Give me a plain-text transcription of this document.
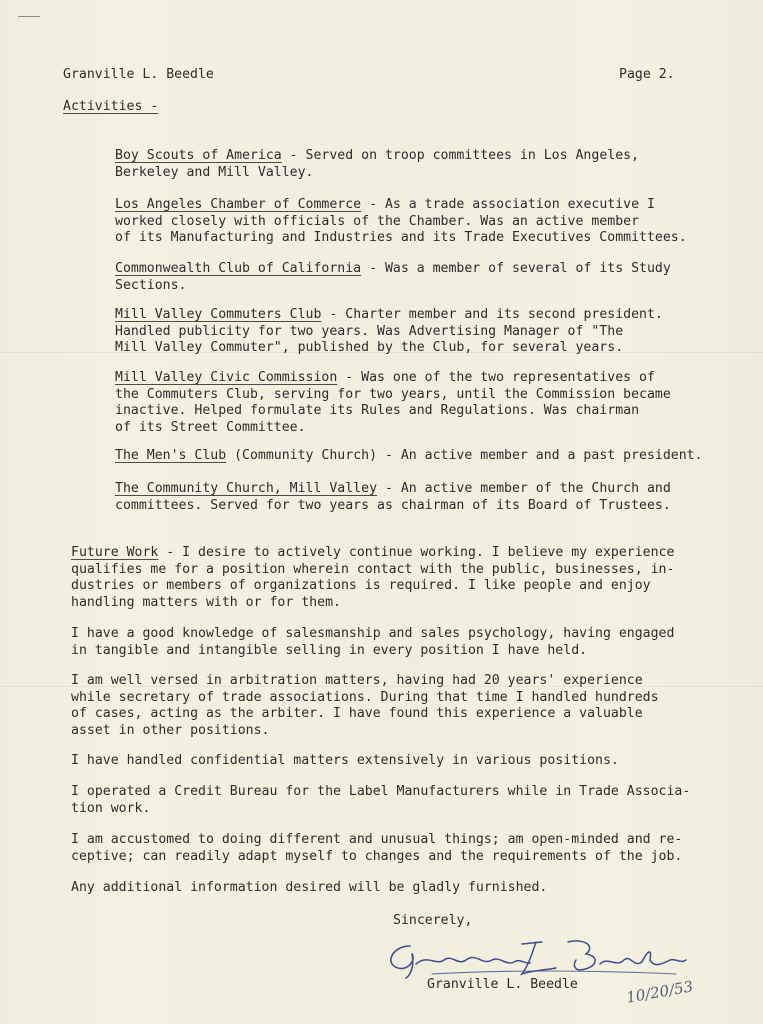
Granville L. Beedle	Page 2.
Activities -
Boy Scouts of America - Served on troop committees in Los Angeles,
Berkeley and Mill Valley.
Los Angeles Chamber of Commerce - As a trade association executive I
worked closely with officials of the Chamber. Was an active member
of its Manufacturing and Industries and its Trade Executives Committees.
Commonwealth Club of California - Was a member of several of its Study
Sections.
Mill Valley Commuters Club - Charter member and its second president.
Handled publicity for two years. Was Advertising Manager of "The
Mill Valley Commuter", published by the Club, for several years.
Mill Valley Civic Commission - Was one of the two representatives of
the Commuters Club, serving for two years, until the Commission became
inactive. Helped formulate its Rules and Regulations. Was chairman
of its Street Committee.
The Men's Club (Community Church) - An active member and a past president.
The Community Church, Mill Valley - An active member of the Church and
committees. Served for two years as chairman of its Board of Trustees.
Future Work - I desire to actively continue working. I believe my experience
qualifies me for a position wherein contact with the public, businesses, in-
dustries or members of organizations is required. I like people and enjoy
handling matters with or for them.
I have a good knowledge of salesmanship and sales psychology, having engaged
in tangible and intangible selling in every position I have held.
I am well versed in arbitration matters, having had 20 years' experience
while secretary of trade associations. During that time I handled hundreds
of cases, acting as the arbiter. I have found this experience a valuable
asset in other positions.
I have handled confidential matters extensively in various positions.
I operated a Credit Bureau for the Label Manufacturers while in Trade Associa-
tion work.
I am accustomed to doing different and unusual things; am open-minded and re-
ceptive; can readily adapt myself to changes and the requirements of the job.
Any additional information desired will be gladly furnished.
Sincerely,
Granville L. Beedle	10/20/53
